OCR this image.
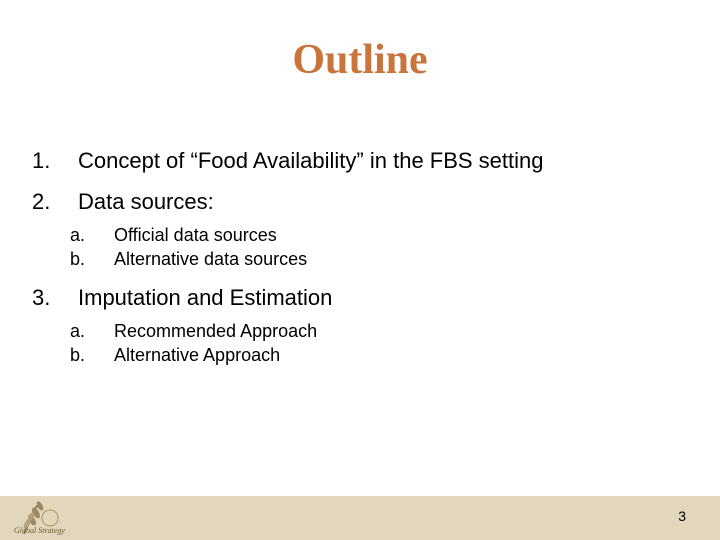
Outline
1.	Concept of “Food Availability” in the FBS setting
2.	Data sources:
a.	Official data sources
b.	Alternative data sources
3.	Imputation and Estimation
a.	Recommended Approach
b.	Alternative Approach
Global Strategy
3
